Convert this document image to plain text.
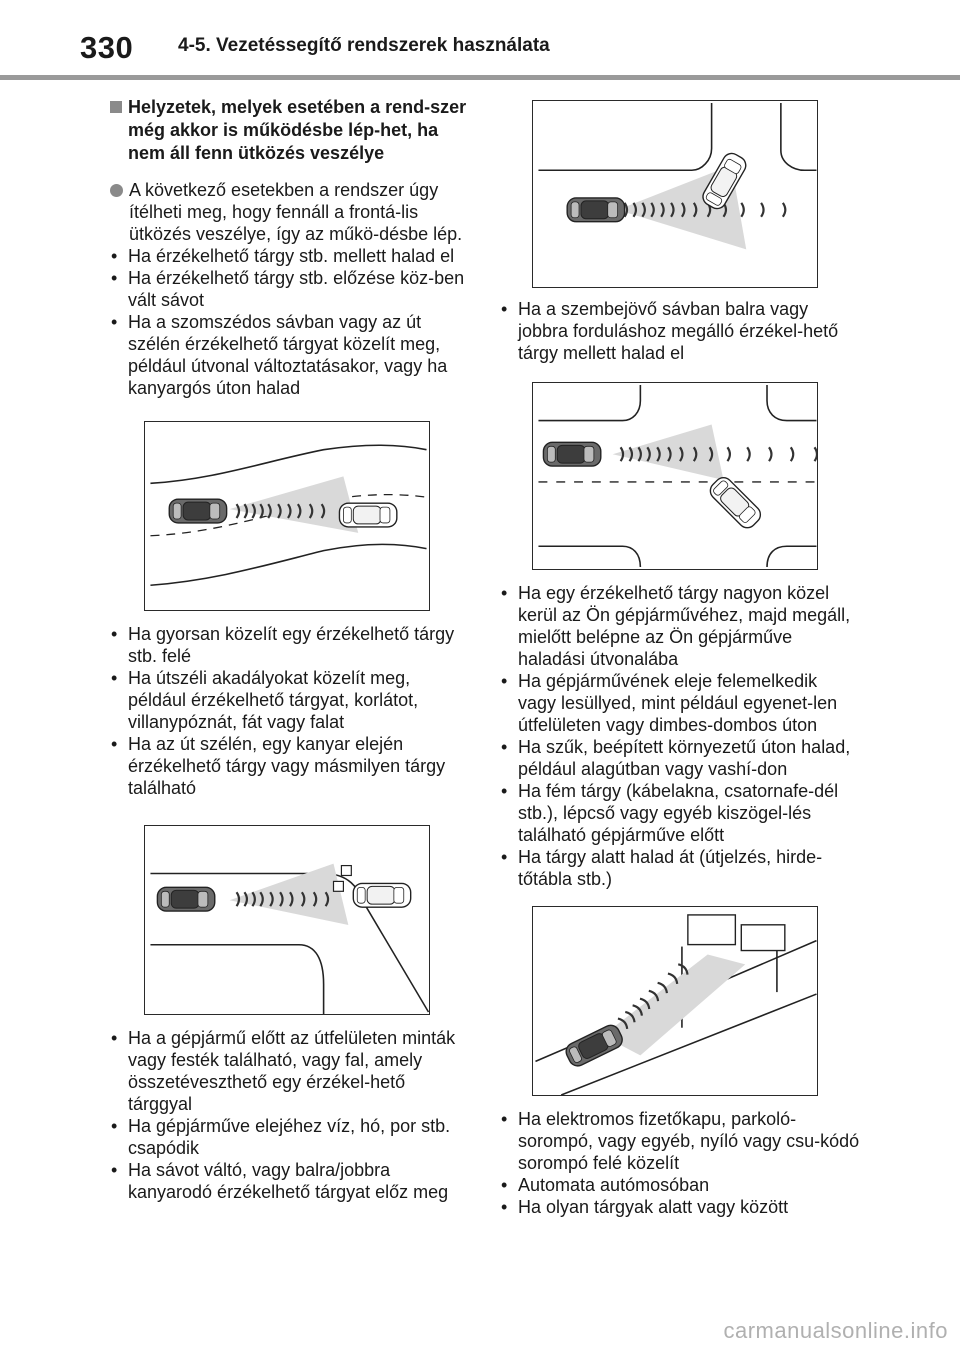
330 4-5. Vezetéssegítő rendszerek használata
Helyzetek, melyek esetében a rend-szer még akkor is működésbe lép-het, ha nem áll fenn ütközés veszélye
A következő esetekben a rendszer úgy ítélheti meg, hogy fennáll a frontá-lis ütközés veszélye, így az műkö-désbe lép.
• Ha érzékelhető tárgy stb. mellett halad el
• Ha érzékelhető tárgy stb. előzése köz-ben vált sávot
• Ha a szomszédos sávban vagy az út szélén érzékelhető tárgyat közelít meg, például útvonal változtatásakor, vagy ha kanyargós úton halad
• Ha gyorsan közelít egy érzékelhető tárgy stb. felé
• Ha útszéli akadályokat közelít meg, például érzékelhető tárgyat, korlátot, villanypóznát, fát vagy falat
• Ha az út szélén, egy kanyar elején érzékelhető tárgy vagy másmilyen tárgy található
• Ha a gépjármű előtt az útfelületen minták vagy festék található, vagy fal, amely összetéveszthető egy érzékel-hető tárggyal
• Ha gépjárműve elejéhez víz, hó, por stb. csapódik
• Ha sávot váltó, vagy balra/jobbra kanyarodó érzékelhető tárgyat előz meg
• Ha a szembejövő sávban balra vagy jobbra forduláshoz megálló érzékel-hető tárgy mellett halad el
• Ha egy érzékelhető tárgy nagyon közel kerül az Ön gépjárművéhez, majd megáll, mielőtt belépne az Ön gépjárműve haladási útvonalába
• Ha gépjárművének eleje felemelkedik vagy lesüllyed, mint például egyenet-len útfelületen vagy dimbes-dombos úton
• Ha szűk, beépített környezetű úton halad, például alagútban vagy vashí-don
• Ha fém tárgy (kábelakna, csatornafe-dél stb.), lépcső vagy egyéb kiszögel-lés található gépjárműve előtt
• Ha tárgy alatt halad át (útjelzés, hirde-tőtábla stb.)
• Ha elektromos fizetőkapu, parkoló-sorompó, vagy egyéb, nyíló vagy csu-kódó sorompó felé közelít
• Automata autómosóban
• Ha olyan tárgyak alatt vagy között
carmanualsonline.info
